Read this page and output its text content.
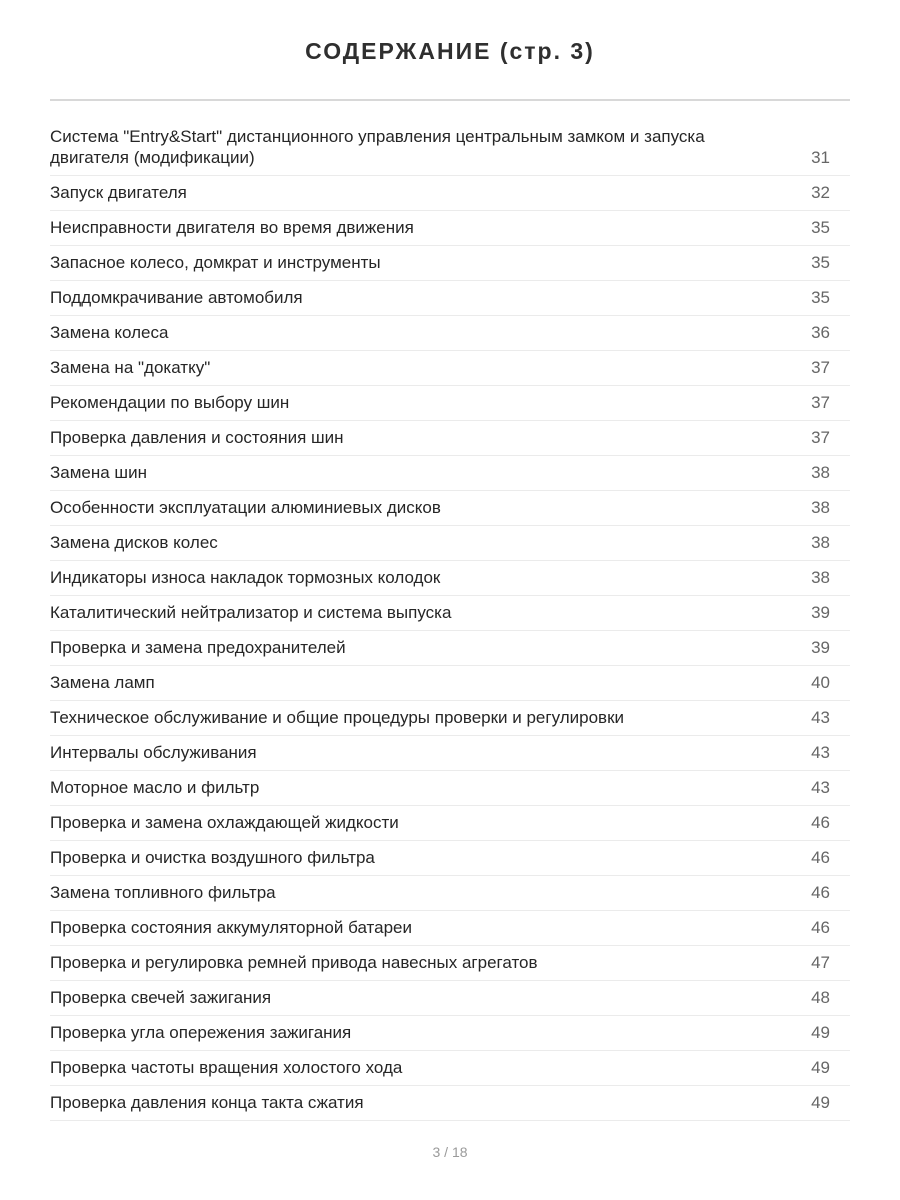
СОДЕРЖАНИЕ (стр. 3)
Система "Entry&Start" дистанционного управления центральным замком и запуска двигателя (модификации)	31
Запуск двигателя	32
Неисправности двигателя во время движения	35
Запасное колесо, домкрат и инструменты	35
Поддомкрачивание автомобиля	35
Замена колеса	36
Замена на "докатку"	37
Рекомендации по выбору шин	37
Проверка давления и состояния шин	37
Замена шин	38
Особенности эксплуатации алюминиевых дисков	38
Замена дисков колес	38
Индикаторы износа накладок тормозных колодок	38
Каталитический нейтрализатор и система выпуска	39
Проверка и замена предохранителей	39
Замена ламп	40
Техническое обслуживание и общие процедуры проверки и регулировки	43
Интервалы обслуживания	43
Моторное масло и фильтр	43
Проверка и замена охлаждающей жидкости	46
Проверка и очистка воздушного фильтра	46
Замена топливного фильтра	46
Проверка состояния аккумуляторной батареи	46
Проверка и регулировка ремней привода навесных агрегатов	47
Проверка свечей зажигания	48
Проверка угла опережения зажигания	49
Проверка частоты вращения холостого хода	49
Проверка давления конца такта сжатия	49
3 / 18
